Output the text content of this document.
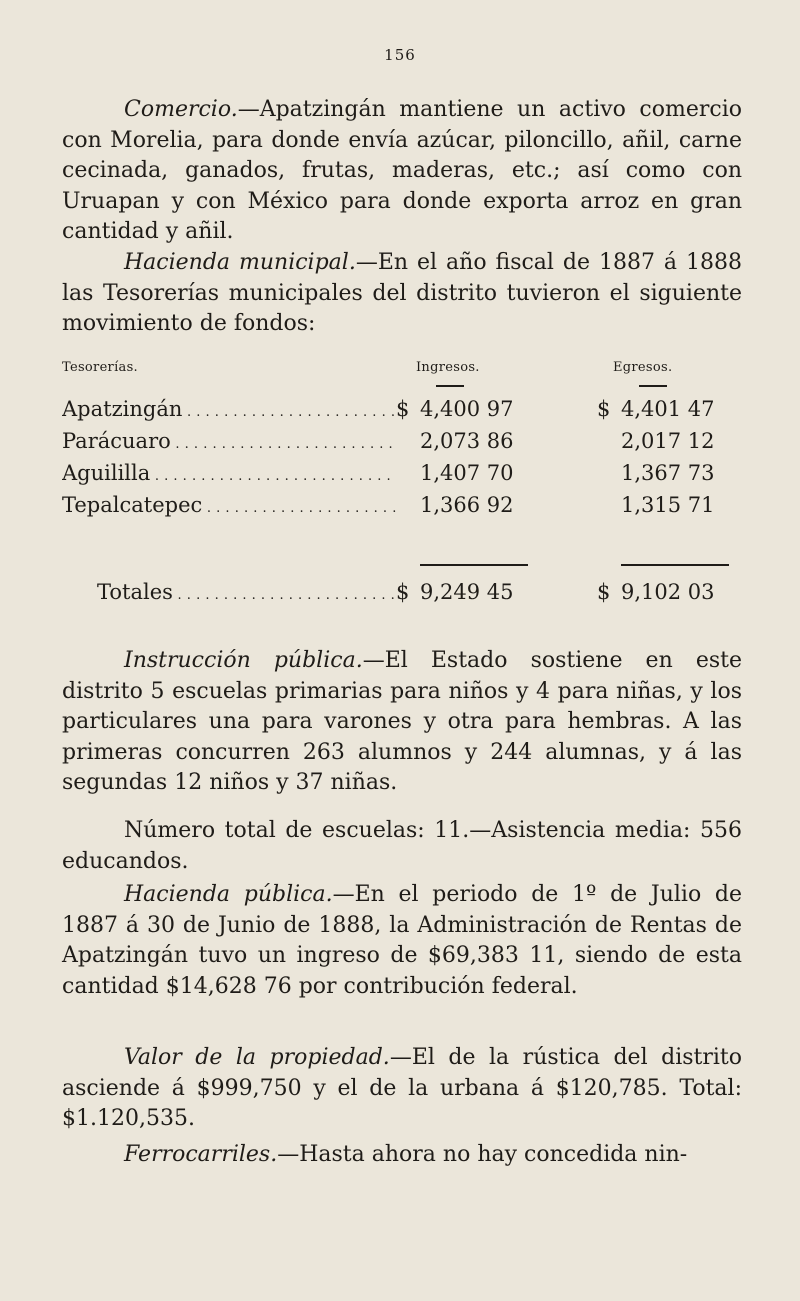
156

Comercio.—Apatzingán mantiene un activo comercio con Morelia, para donde envía azúcar, piloncillo, añil, carne cecinada, ganados, frutas, maderas, etc.; así como con Uruapan y con México para donde exporta arroz en gran cantidad y añil.

Hacienda municipal.—En el año fiscal de 1887 á 1888 las Tesorerías municipales del distrito tuvieron el siguiente movimiento de fondos:

Tesorerías.	Ingresos.	Egresos.
Apatzingán . . .	$ 4,400 97	$ 4,401 47
Parácuaro . . .	2,073 86	2,017 12
Aguililla . . .	1,407 70	1,367 73
Tepalcatepec . . .	1,366 92	1,315 71
Totales . . .	$ 9,249 45	$ 9,102 03

Instrucción pública.—El Estado sostiene en este distrito 5 escuelas primarias para niños y 4 para niñas, y los particulares una para varones y otra para hembras. A las primeras concurren 263 alumnos y 244 alumnas, y á las segundas 12 niños y 37 niñas.

Número total de escuelas: 11.—Asistencia media: 556 educandos.

Hacienda pública.—En el periodo de 1º de Julio de 1887 á 30 de Junio de 1888, la Administración de Rentas de Apatzingán tuvo un ingreso de $69,383 11, siendo de esta cantidad $14,628 76 por contribución federal.

Valor de la propiedad.—El de la rústica del distrito asciende á $999,750 y el de la urbana á $120,785. Total: $1.120,535.

Ferrocarriles.—Hasta ahora no hay concedida nin-
